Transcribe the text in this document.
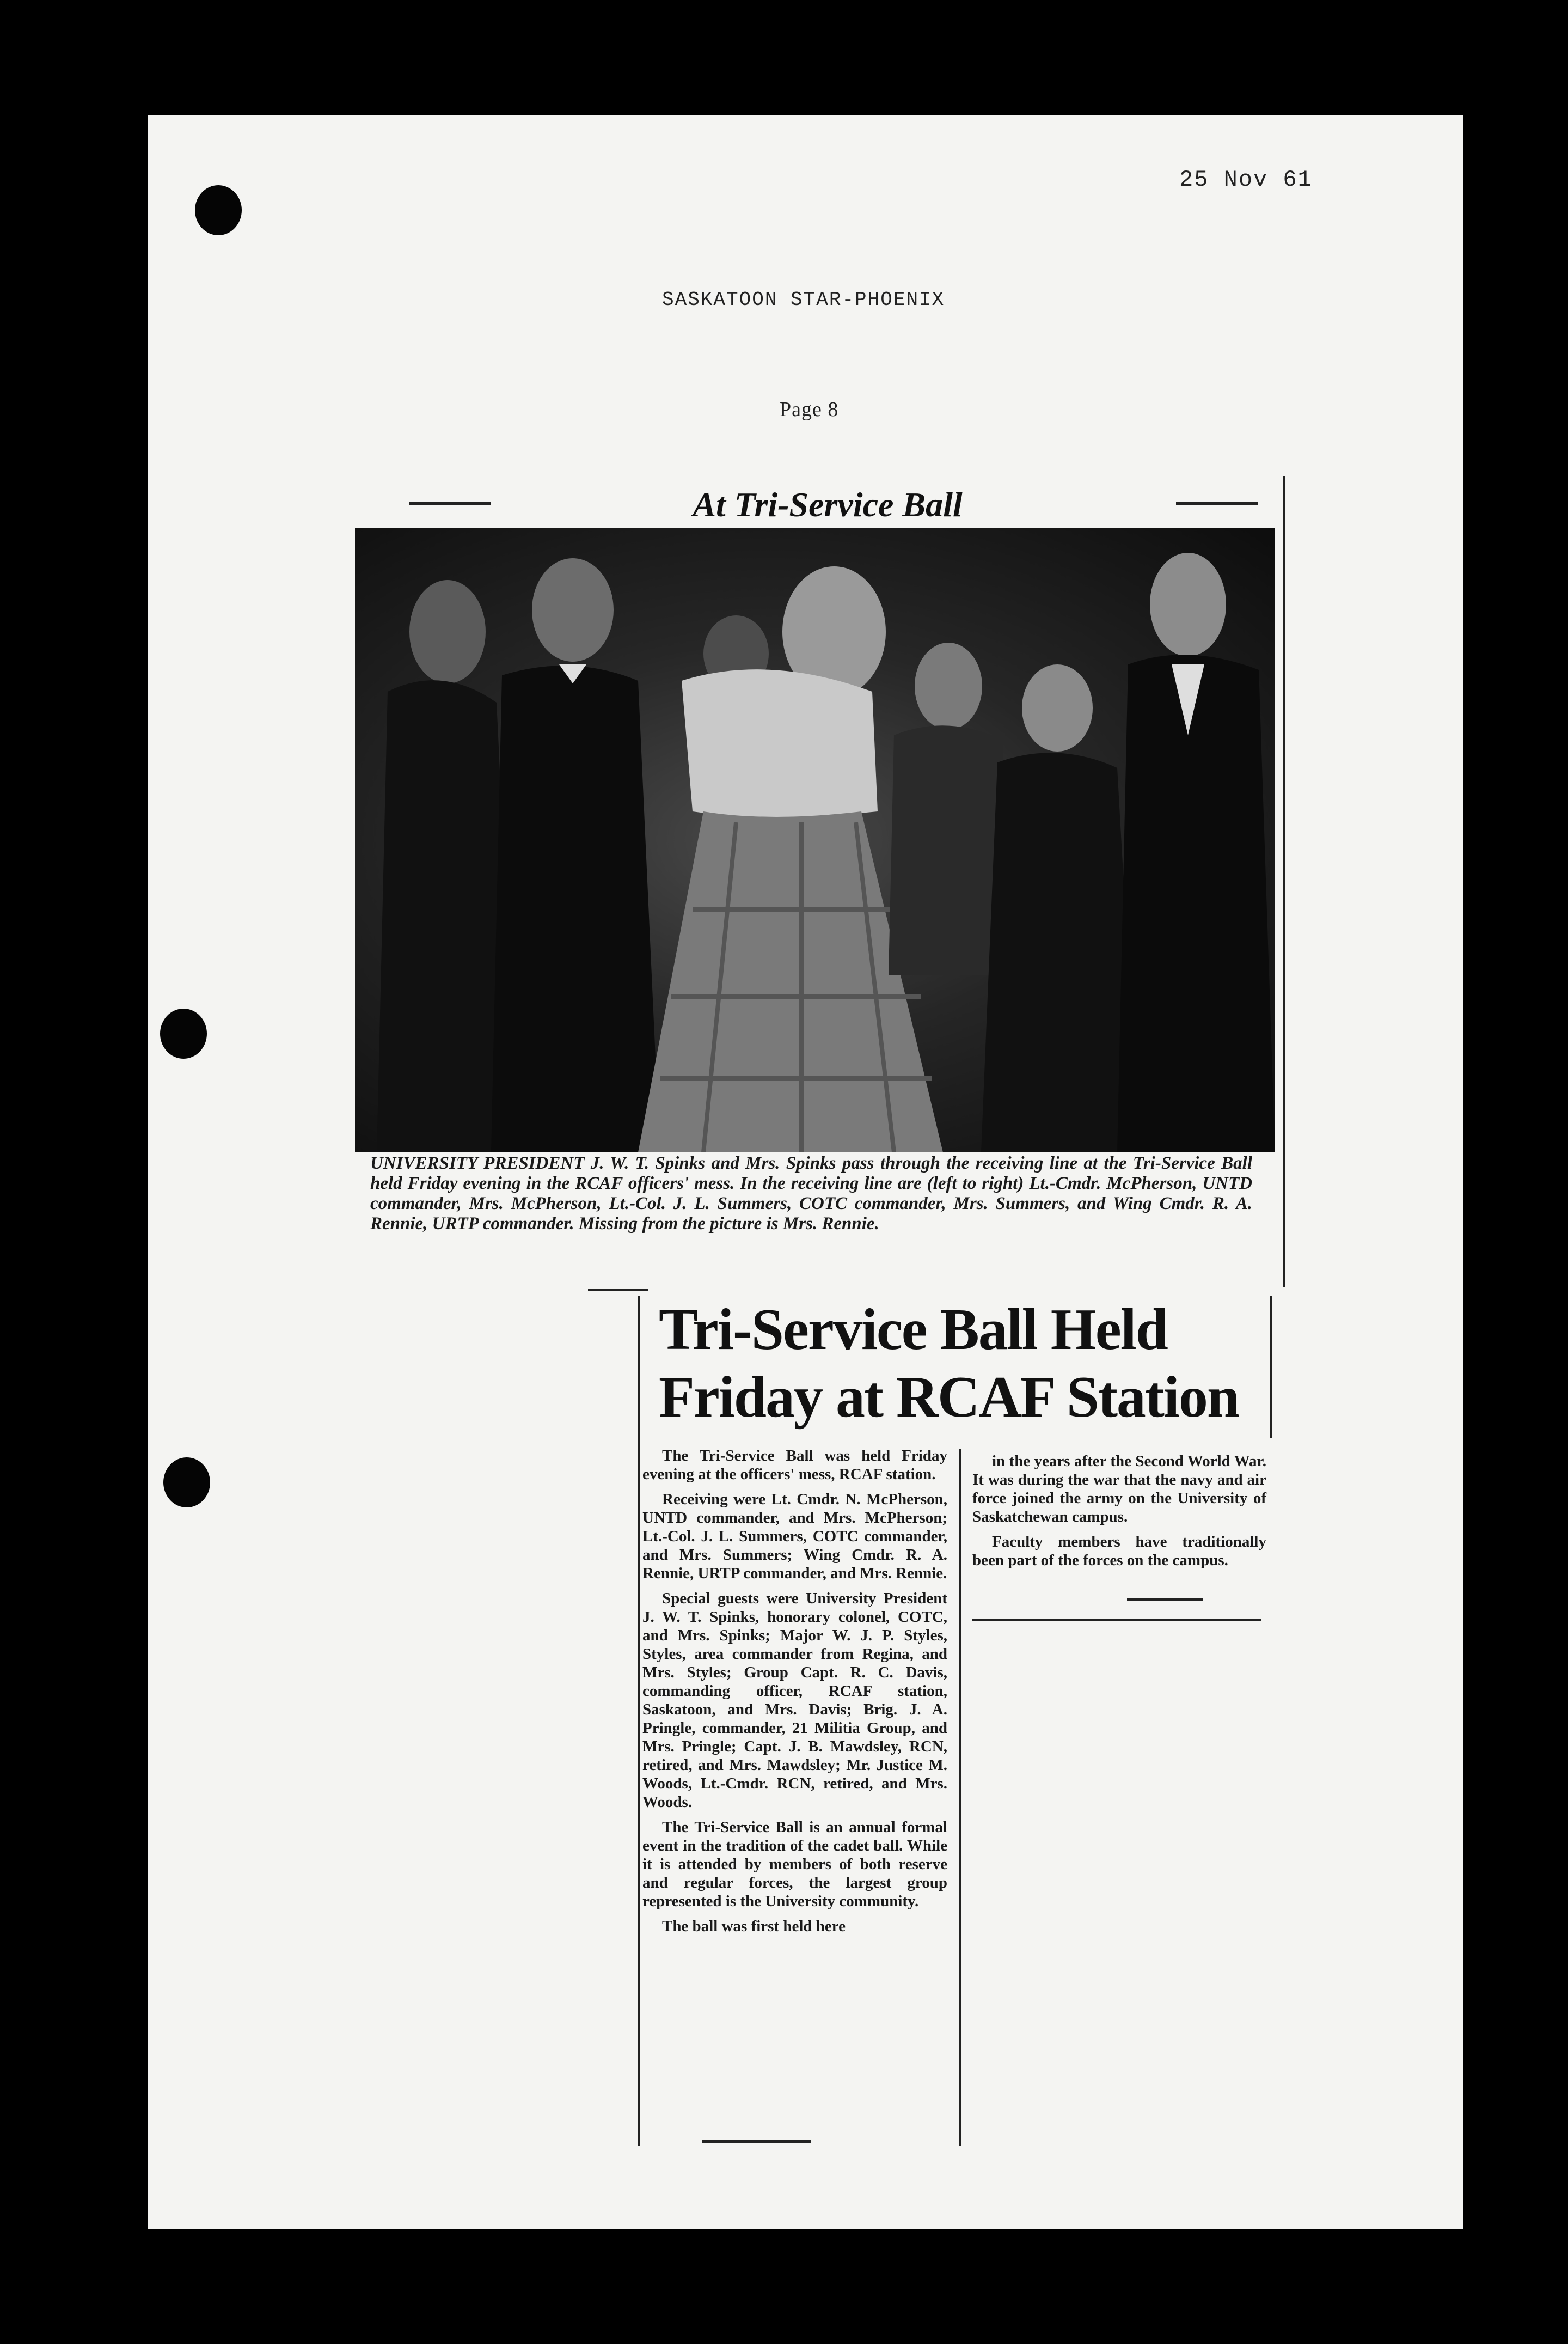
25 Nov 61
SASKATOON STAR-PHOENIX
Page 8
At Tri-Service Ball
UNIVERSITY PRESIDENT J. W. T. Spinks and Mrs. Spinks pass through the receiving line at the Tri-Service Ball held Friday evening in the RCAF officers' mess. In the receiving line are (left to right) Lt.-Cmdr. McPherson, UNTD commander, Mrs. McPherson, Lt.-Col. J. L. Summers, COTC commander, Mrs. Summers, and Wing Cmdr. R. A. Rennie, URTP commander. Missing from the picture is Mrs. Rennie.
Tri-Service Ball Held Friday at RCAF Station

The Tri-Service Ball was held Friday evening at the officers' mess, RCAF station.

Receiving were Lt. Cmdr. N. McPherson, UNTD commander, and Mrs. McPherson; Lt.-Col. J. L. Summers, COTC commander, and Mrs. Summers; Wing Cmdr. R. A. Rennie, URTP commander, and Mrs. Rennie.

Special guests were University President J. W. T. Spinks, honorary colonel, COTC, and Mrs. Spinks; Major W. J. P. Styles, Styles, area commander from Regina, and Mrs. Styles; Group Capt. R. C. Davis, commanding officer, RCAF station, Saskatoon, and Mrs. Davis; Brig. J. A. Pringle, commander, 21 Militia Group, and Mrs. Pringle; Capt. J. B. Mawdsley, RCN, retired, and Mrs. Mawdsley; Mr. Justice M. Woods, Lt.-Cmdr. RCN, retired, and Mrs. Woods.

The Tri-Service Ball is an annual formal event in the tradition of the cadet ball. While it is attended by members of both reserve and regular forces, the largest group represented is the University community.

The ball was first held here

in the years after the Second World War. It was during the war that the navy and air force joined the army on the University of Saskatchewan campus.

Faculty members have traditionally been part of the forces on the campus.
